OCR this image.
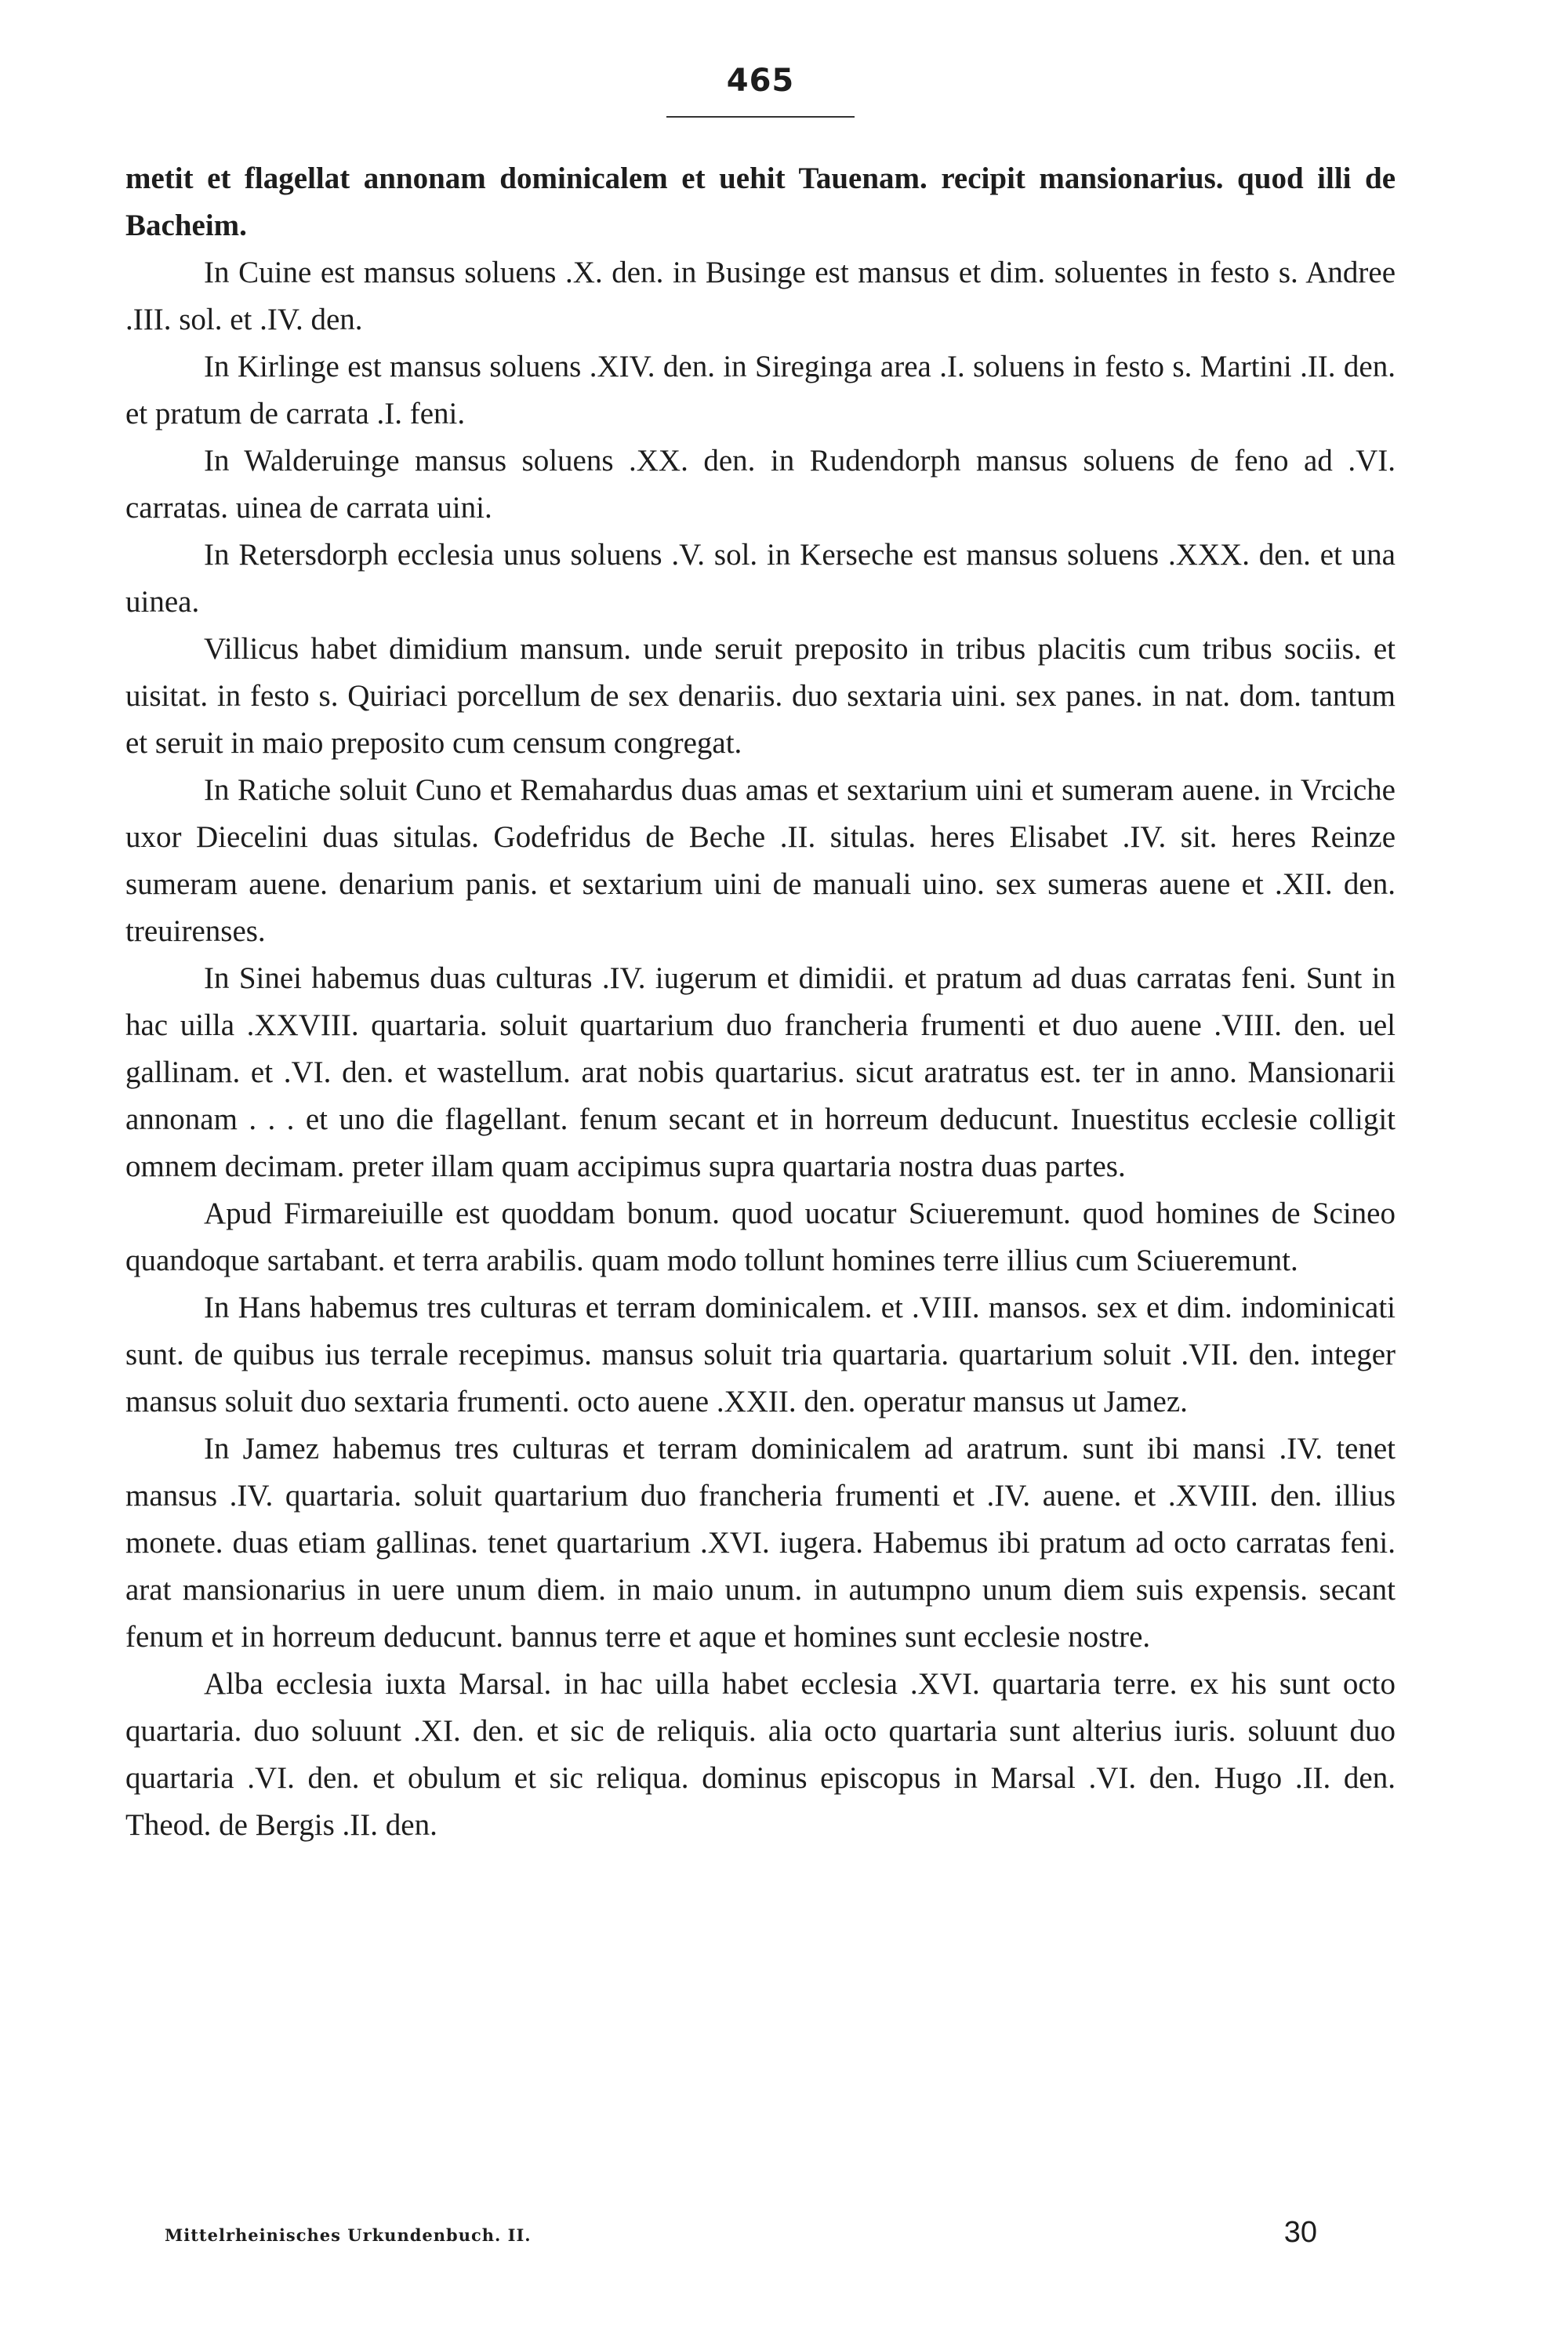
465

metit et flagellat annonam dominicalem et uehit Tauenam. recipit mansionarius. quod illi de Bacheim.

In Cuine est mansus soluens .X. den. in Businge est mansus et dim. soluentes in festo s. Andree .III. sol. et .IV. den.

In Kirlinge est mansus soluens .XIV. den. in Sireginga area .I. soluens in festo s. Martini .II. den. et pratum de carrata .I. feni.

In Walderuinge mansus soluens .XX. den. in Rudendorph mansus soluens de feno ad .VI. carratas. uinea de carrata uini.

In Retersdorph ecclesia unus soluens .V. sol. in Kerseche est mansus soluens .XXX. den. et una uinea.

Villicus habet dimidium mansum. unde seruit preposito in tribus placitis cum tribus sociis. et uisitat. in festo s. Quiriaci porcellum de sex denariis. duo sextaria uini. sex panes. in nat. dom. tantum et seruit in maio preposito cum censum congregat.

In Ratiche soluit Cuno et Remahardus duas amas et sextarium uini et sumeram auene. in Vrciche uxor Diecelini duas situlas. Godefridus de Beche .II. situlas. heres Elisabet .IV. sit. heres Reinze sumeram auene. denarium panis. et sextarium uini de manuali uino. sex sumeras auene et .XII. den. treuirenses.

In Sinei habemus duas culturas .IV. iugerum et dimidii. et pratum ad duas carratas feni. Sunt in hac uilla .XXVIII. quartaria. soluit quartarium duo francheria frumenti et duo auene .VIII. den. uel gallinam. et .VI. den. et wastellum. arat nobis quartarius. sicut aratratus est. ter in anno. Mansionarii annonam . . . et uno die flagellant. fenum secant et in horreum deducunt. Inuestitus ecclesie colligit omnem decimam. preter illam quam accipimus supra quartaria nostra duas partes.

Apud Firmareiuille est quoddam bonum. quod uocatur Sciueremunt. quod homines de Scineo quandoque sartabant. et terra arabilis. quam modo tollunt homines terre illius cum Sciueremunt.

In Hans habemus tres culturas et terram dominicalem. et .VIII. mansos. sex et dim. indominicati sunt. de quibus ius terrale recepimus. mansus soluit tria quartaria. quartarium soluit .VII. den. integer mansus soluit duo sextaria frumenti. octo auene .XXII. den. operatur mansus ut Jamez.

In Jamez habemus tres culturas et terram dominicalem ad aratrum. sunt ibi mansi .IV. tenet mansus .IV. quartaria. soluit quartarium duo francheria frumenti et .IV. auene. et .XVIII. den. illius monete. duas etiam gallinas. tenet quartarium .XVI. iugera. Habemus ibi pratum ad octo carratas feni. arat mansionarius in uere unum diem. in maio unum. in autumpno unum diem suis expensis. secant fenum et in horreum deducunt. bannus terre et aque et homines sunt ecclesie nostre.

Alba ecclesia iuxta Marsal. in hac uilla habet ecclesia .XVI. quartaria terre. ex his sunt octo quartaria. duo soluunt .XI. den. et sic de reliquis. alia octo quartaria sunt alterius iuris. soluunt duo quartaria .VI. den. et obulum et sic reliqua. dominus episcopus in Marsal .VI. den. Hugo .II. den. Theod. de Bergis .II. den.

Mittelrheinisches Urkundenbuch. II.	30
